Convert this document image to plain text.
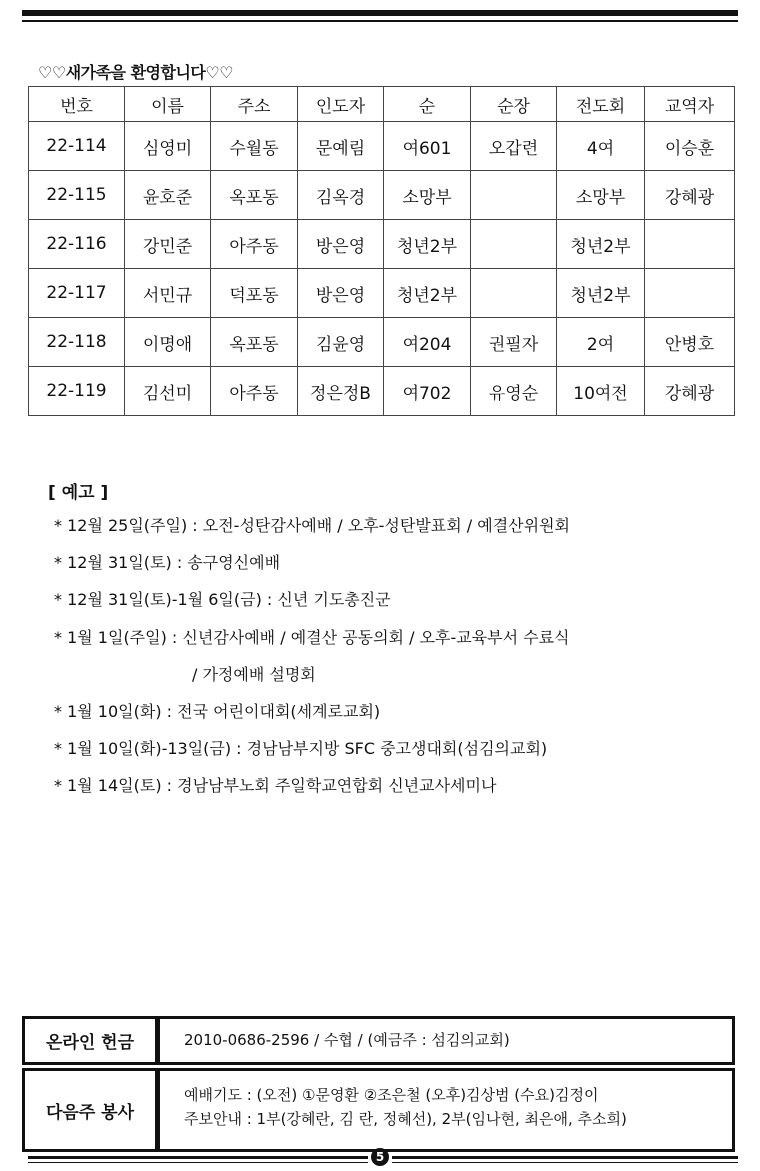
♡♡새가족을 환영합니다♡♡
번호	이름	주소	인도자	순	순장	전도회	교역자
22-114	심영미	수월동	문예림	여601	오갑련	4여	이승훈
22-115	윤호준	옥포동	김옥경	소망부		소망부	강혜광
22-116	강민준	아주동	방은영	청년2부		청년2부	
22-117	서민규	덕포동	방은영	청년2부		청년2부	
22-118	이명애	옥포동	김윤영	여204	권필자	2여	안병호
22-119	김선미	아주동	정은정B	여702	유영순	10여전	강혜광
[ 예고 ]
* 12월 25일(주일) : 오전-성탄감사예배 / 오후-성탄발표회 / 예결산위원회
* 12월 31일(토) : 송구영신예배
* 12월 31일(토)-1월 6일(금) : 신년 기도총진군
* 1월 1일(주일) : 신년감사예배 / 예결산 공동의회 / 오후-교육부서 수료식
/ 가정예배 설명회
* 1월 10일(화) : 전국 어린이대회(세계로교회)
* 1월 10일(화)-13일(금) : 경남남부지방 SFC 중고생대회(섬김의교회)
* 1월 14일(토) : 경남남부노회 주일학교연합회 신년교사세미나
온라인 헌금	2010-0686-2596 / 수협 / (예금주 : 섬김의교회)
다음주 봉사
예배기도 : (오전) ①문영환 ②조은철 (오후)김상범 (수요)김정이
주보안내 : 1부(강혜란, 김 란, 정혜선), 2부(임나현, 최은애, 추소희)
5
